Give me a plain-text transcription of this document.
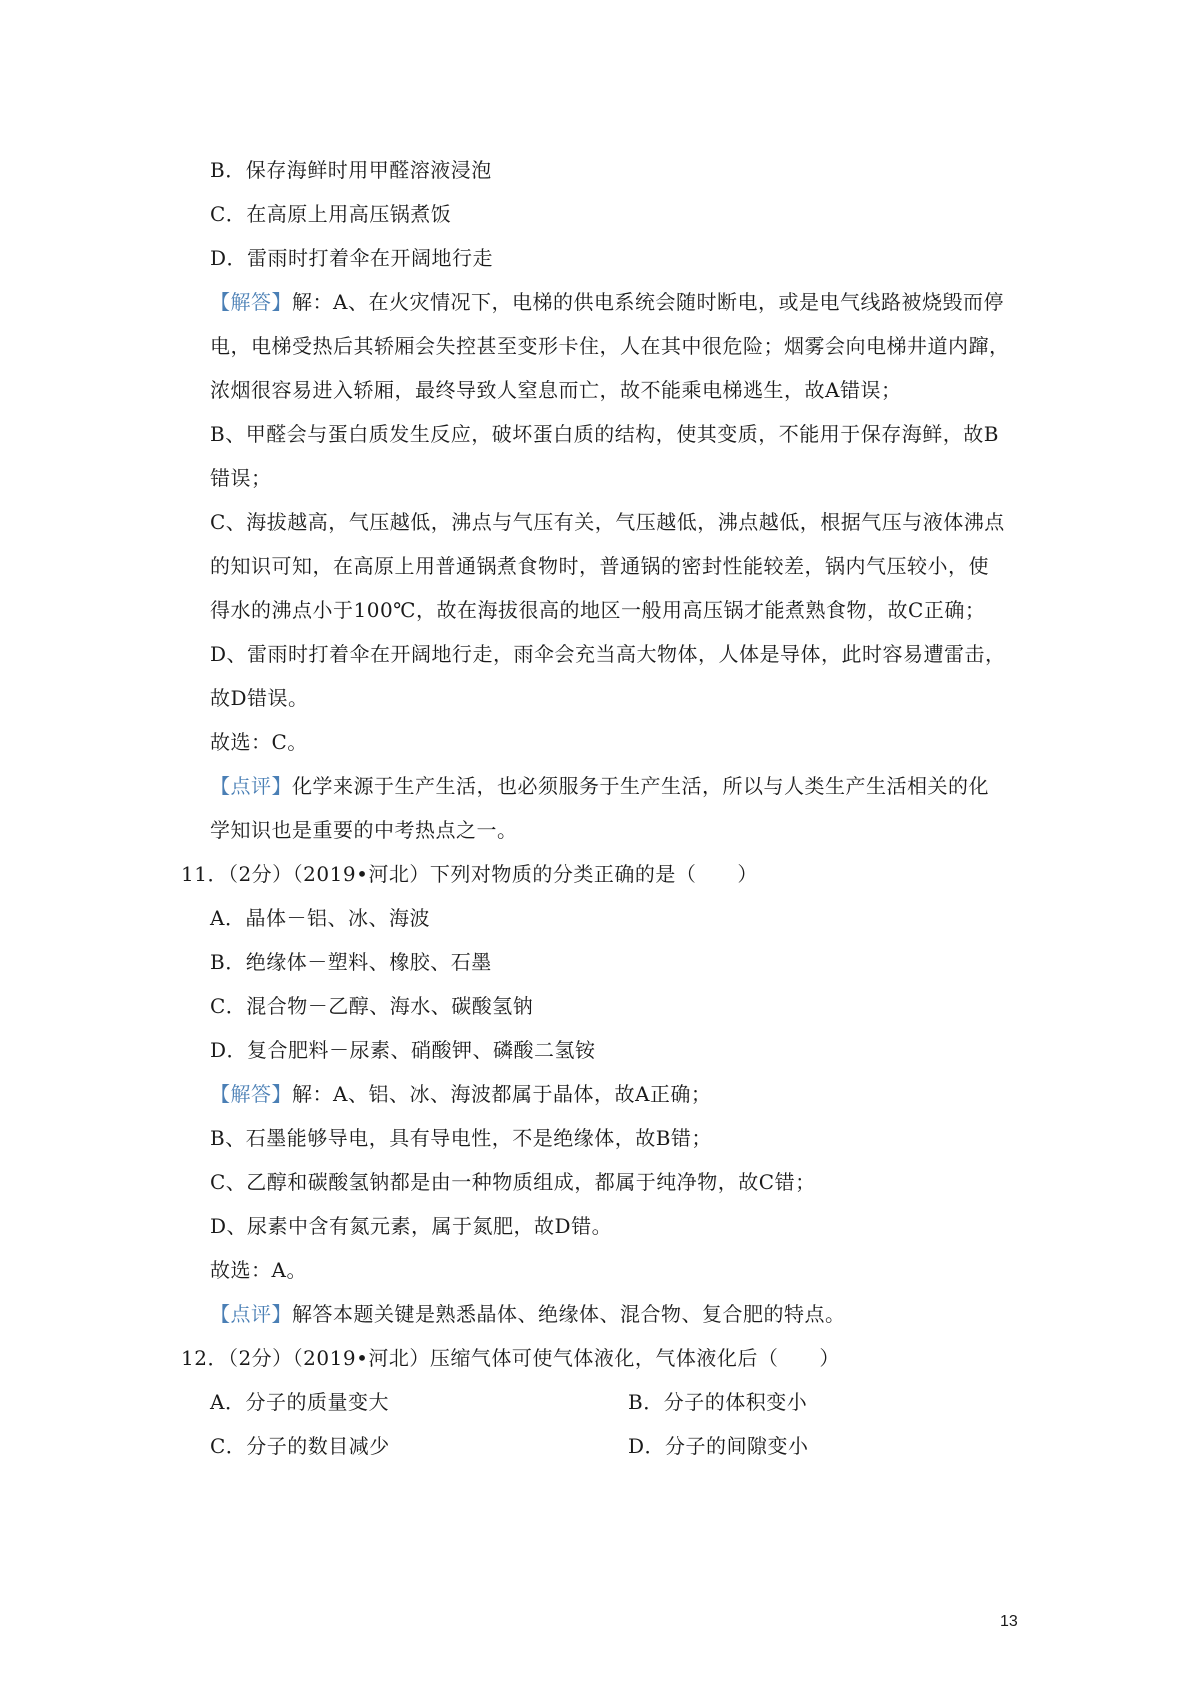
B．保存海鲜时用甲醛溶液浸泡
C．在高原上用高压锅煮饭
D．雷雨时打着伞在开阔地行走
【解答】解：A、在火灾情况下，电梯的供电系统会随时断电，或是电气线路被烧毁而停
电，电梯受热后其轿厢会失控甚至变形卡住，人在其中很危险；烟雾会向电梯井道内蹿，
浓烟很容易进入轿厢，最终导致人窒息而亡，故不能乘电梯逃生，故A错误；
B、甲醛会与蛋白质发生反应，破坏蛋白质的结构，使其变质，不能用于保存海鲜，故B
错误；
C、海拔越高，气压越低，沸点与气压有关，气压越低，沸点越低，根据气压与液体沸点
的知识可知，在高原上用普通锅煮食物时，普通锅的密封性能较差，锅内气压较小，使
得水的沸点小于100℃，故在海拔很高的地区一般用高压锅才能煮熟食物，故C正确；
D、雷雨时打着伞在开阔地行走，雨伞会充当高大物体，人体是导体，此时容易遭雷击，
故D错误。
故选：C。
【点评】化学来源于生产生活，也必须服务于生产生活，所以与人类生产生活相关的化
学知识也是重要的中考热点之一。
11．（2分）（2019•河北）下列对物质的分类正确的是（　　）
A．晶体－铝、冰、海波
B．绝缘体－塑料、橡胶、石墨
C．混合物－乙醇、海水、碳酸氢钠
D．复合肥料－尿素、硝酸钾、磷酸二氢铵
【解答】解：A、铝、冰、海波都属于晶体，故A正确；
B、石墨能够导电，具有导电性，不是绝缘体，故B错；
C、乙醇和碳酸氢钠都是由一种物质组成，都属于纯净物，故C错；
D、尿素中含有氮元素，属于氮肥，故D错。
故选：A。
【点评】解答本题关键是熟悉晶体、绝缘体、混合物、复合肥的特点。
12．（2分）（2019•河北）压缩气体可使气体液化，气体液化后（　　）
A．分子的质量变大	B．分子的体积变小
C．分子的数目减少	D．分子的间隙变小
13
